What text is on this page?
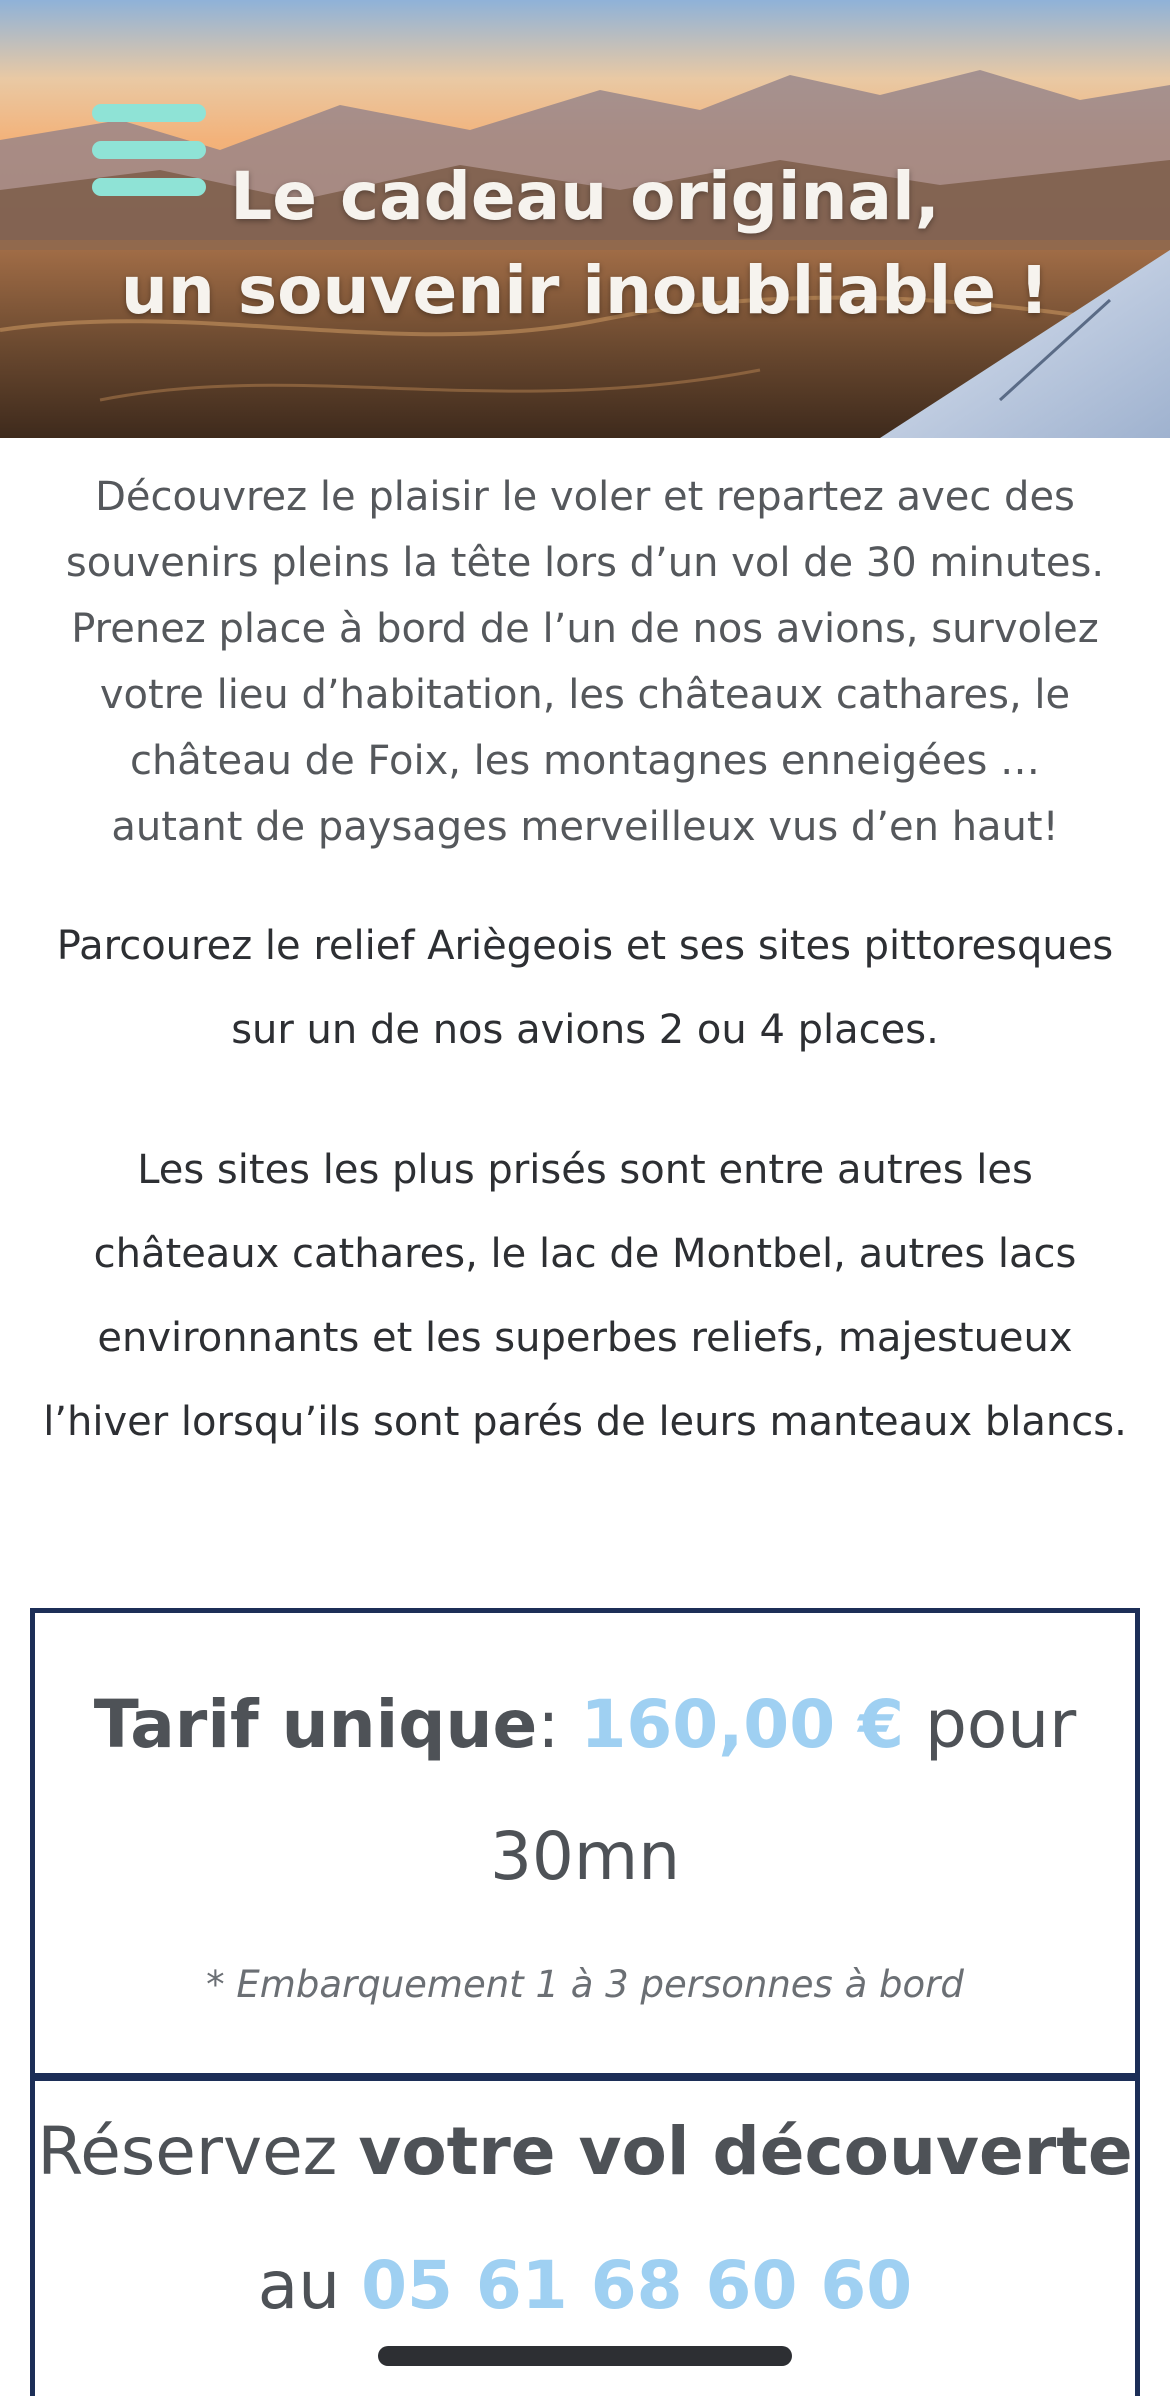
Le cadeau original,
un souvenir inoubliable !
Découvrez le plaisir le voler et repartez avec des
souvenirs pleins la tête lors d’un vol de 30 minutes.
Prenez place à bord de l’un de nos avions, survolez
votre lieu d’habitation, les châteaux cathares, le
château de Foix, les montagnes enneigées …
autant de paysages merveilleux vus d’en haut!
Parcourez le relief Ariègeois et ses sites pittoresques
sur un de nos avions 2 ou 4 places.
Les sites les plus prisés sont entre autres les
châteaux cathares, le lac de Montbel, autres lacs
environnants et les superbes reliefs, majestueux
l’hiver lorsqu’ils sont parés de leurs manteaux blancs.
Tarif unique: 160,00 € pour
30mn
* Embarquement 1 à 3 personnes à bord
Réservez votre vol découverte
au 05 61 68 60 60
